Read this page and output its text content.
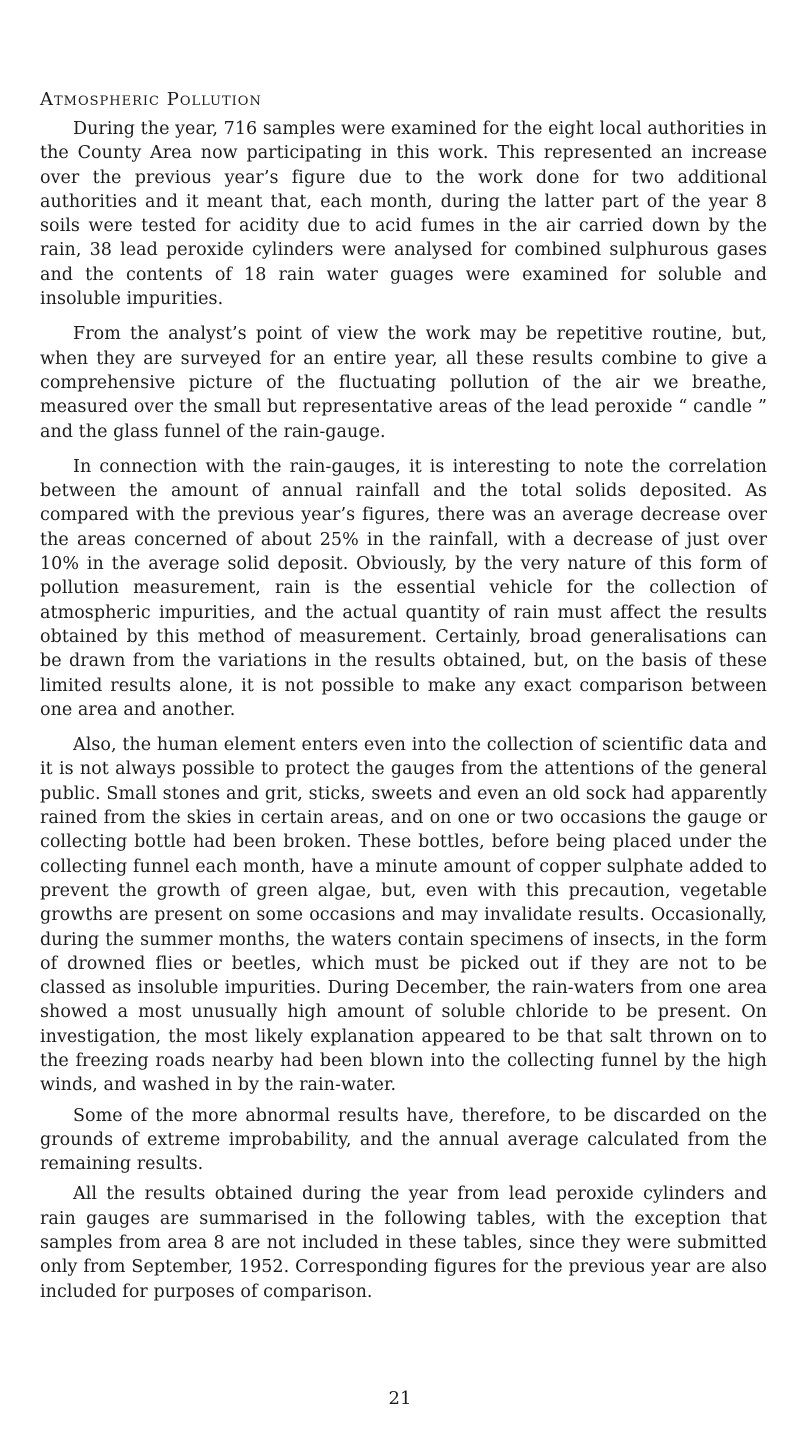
Atmospheric Pollution

During the year, 716 samples were examined for the eight local authorities in the County Area now participating in this work. This represented an increase over the previous year’s figure due to the work done for two additional authorities and it meant that, each month, during the latter part of the year 8 soils were tested for acidity due to acid fumes in the air carried down by the rain, 38 lead peroxide cylinders were analysed for combined sulphurous gases and the contents of 18 rain water guages were examined for soluble and insoluble impurities.

From the analyst’s point of view the work may be repetitive routine, but, when they are surveyed for an entire year, all these results combine to give a comprehensive picture of the fluctuating pollution of the air we breathe, measured over the small but representative areas of the lead peroxide “ candle ” and the glass funnel of the rain-gauge.

In connection with the rain-gauges, it is interesting to note the correlation between the amount of annual rainfall and the total solids deposited. As compared with the previous year’s figures, there was an average decrease over the areas concerned of about 25% in the rainfall, with a decrease of just over 10% in the average solid deposit. Obviously, by the very nature of this form of pollution measurement, rain is the essential vehicle for the collection of atmospheric impurities, and the actual quantity of rain must affect the results obtained by this method of measurement. Certainly, broad generalisations can be drawn from the variations in the results obtained, but, on the basis of these limited results alone, it is not possible to make any exact comparison between one area and another.

Also, the human element enters even into the collection of scientific data and it is not always possible to protect the gauges from the attentions of the general public. Small stones and grit, sticks, sweets and even an old sock had apparently rained from the skies in certain areas, and on one or two occasions the gauge or collecting bottle had been broken. These bottles, before being placed under the collecting funnel each month, have a minute amount of copper sulphate added to prevent the growth of green algae, but, even with this precaution, vegetable growths are present on some occasions and may invalidate results. Occasionally, during the summer months, the waters contain specimens of insects, in the form of drowned flies or beetles, which must be picked out if they are not to be classed as insoluble impurities. During December, the rain-waters from one area showed a most unusually high amount of soluble chloride to be present. On investigation, the most likely explanation appeared to be that salt thrown on to the freezing roads nearby had been blown into the collecting funnel by the high winds, and washed in by the rain-water.

Some of the more abnormal results have, therefore, to be discarded on the grounds of extreme improbability, and the annual average calculated from the remaining results.

All the results obtained during the year from lead peroxide cylinders and rain gauges are summarised in the following tables, with the exception that samples from area 8 are not included in these tables, since they were submitted only from September, 1952. Corresponding figures for the previous year are also included for purposes of comparison.

21
